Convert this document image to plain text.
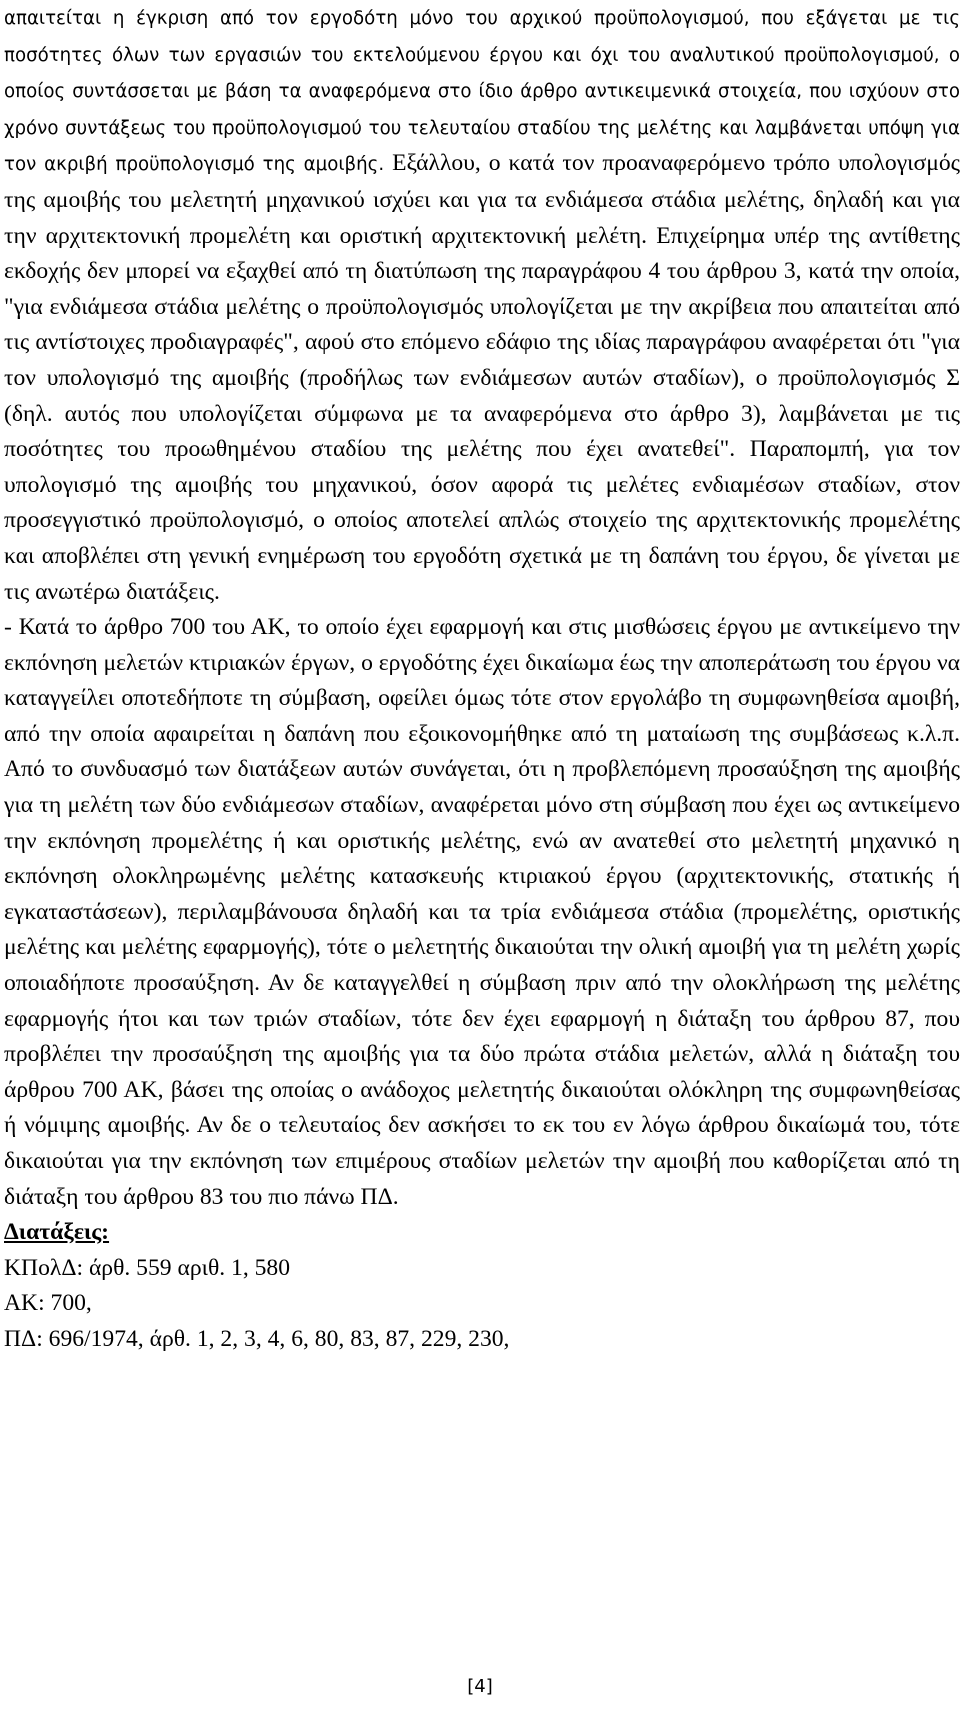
απαιτείται η έγκριση από τον εργοδότη μόνο του αρχικού προϋπολογισμού, που εξάγεται με τις ποσότητες όλων των εργασιών του εκτελούμενου έργου και όχι του αναλυτικού προϋπολογισμού, ο οποίος συντάσσεται με βάση τα αναφερόμενα στο ίδιο άρθρο αντικειμενικά στοιχεία, που ισχύουν στο χρόνο συντάξεως του προϋπολογισμού του τελευταίου σταδίου της μελέτης και λαμβάνεται υπόψη για τον ακριβή προϋπολογισμό της αμοιβής. Εξάλλου, ο κατά τον προαναφερόμενο τρόπο υπολογισμός της αμοιβής του μελετητή μηχανικού ισχύει και για τα ενδιάμεσα στάδια μελέτης, δηλαδή και για την αρχιτεκτονική προμελέτη και οριστική αρχιτεκτονική μελέτη. Επιχείρημα υπέρ της αντίθετης εκδοχής δεν μπορεί να εξαχθεί από τη διατύπωση της παραγράφου 4 του άρθρου 3, κατά την οποία, "για ενδιάμεσα στάδια μελέτης ο προϋπολογισμός υπολογίζεται με την ακρίβεια που απαιτείται από τις αντίστοιχες προδιαγραφές", αφού στο επόμενο εδάφιο της ιδίας παραγράφου αναφέρεται ότι "για τον υπολογισμό της αμοιβής (προδήλως των ενδιάμεσων αυτών σταδίων), ο προϋπολογισμός Σ (δηλ. αυτός που υπολογίζεται σύμφωνα με τα αναφερόμενα στο άρθρο 3), λαμβάνεται με τις ποσότητες του προωθημένου σταδίου της μελέτης που έχει ανατεθεί". Παραπομπή, για τον υπολογισμό της αμοιβής του μηχανικού, όσον αφορά τις μελέτες ενδιαμέσων σταδίων, στον προσεγγιστικό προϋπολογισμό, ο οποίος αποτελεί απλώς στοιχείο της αρχιτεκτονικής προμελέτης και αποβλέπει στη γενική ενημέρωση του εργοδότη σχετικά με τη δαπάνη του έργου, δε γίνεται με τις ανωτέρω διατάξεις.

- Κατά το άρθρο 700 του ΑΚ, το οποίο έχει εφαρμογή και στις μισθώσεις έργου με αντικείμενο την εκπόνηση μελετών κτιριακών έργων, ο εργοδότης έχει δικαίωμα έως την αποπεράτωση του έργου να καταγγείλει οποτεδήποτε τη σύμβαση, οφείλει όμως τότε στον εργολάβο τη συμφωνηθείσα αμοιβή, από την οποία αφαιρείται η δαπάνη που εξοικονομήθηκε από τη ματαίωση της συμβάσεως κ.λ.π. Από το συνδυασμό των διατάξεων αυτών συνάγεται, ότι η προβλεπόμενη προσαύξηση της αμοιβής για τη μελέτη των δύο ενδιάμεσων σταδίων, αναφέρεται μόνο στη σύμβαση που έχει ως αντικείμενο την εκπόνηση προμελέτης ή και οριστικής μελέτης, ενώ αν ανατεθεί στο μελετητή μηχανικό η εκπόνηση ολοκληρωμένης μελέτης κατασκευής κτιριακού έργου (αρχιτεκτονικής, στατικής ή εγκαταστάσεων), περιλαμβάνουσα δηλαδή και τα τρία ενδιάμεσα στάδια (προμελέτης, οριστικής μελέτης και μελέτης εφαρμογής), τότε ο μελετητής δικαιούται την ολική αμοιβή για τη μελέτη χωρίς οποιαδήποτε προσαύξηση. Αν δε καταγγελθεί η σύμβαση πριν από την ολοκλήρωση της μελέτης εφαρμογής ήτοι και των τριών σταδίων, τότε δεν έχει εφαρμογή η διάταξη του άρθρου 87, που προβλέπει την προσαύξηση της αμοιβής για τα δύο πρώτα στάδια μελετών, αλλά η διάταξη του άρθρου 700 ΑΚ, βάσει της οποίας ο ανάδοχος μελετητής δικαιούται ολόκληρη της συμφωνηθείσας ή νόμιμης αμοιβής. Αν δε ο τελευταίος δεν ασκήσει το εκ του εν λόγω άρθρου δικαίωμά του, τότε δικαιούται για την εκπόνηση των επιμέρους σταδίων μελετών την αμοιβή που καθορίζεται από τη διάταξη του άρθρου 83 του πιο πάνω ΠΔ.

Διατάξεις:

ΚΠολΔ: άρθ. 559 αριθ. 1, 580

ΑΚ: 700,

ΠΔ: 696/1974, άρθ. 1, 2, 3, 4, 6, 80, 83, 87, 229, 230,

[4]
